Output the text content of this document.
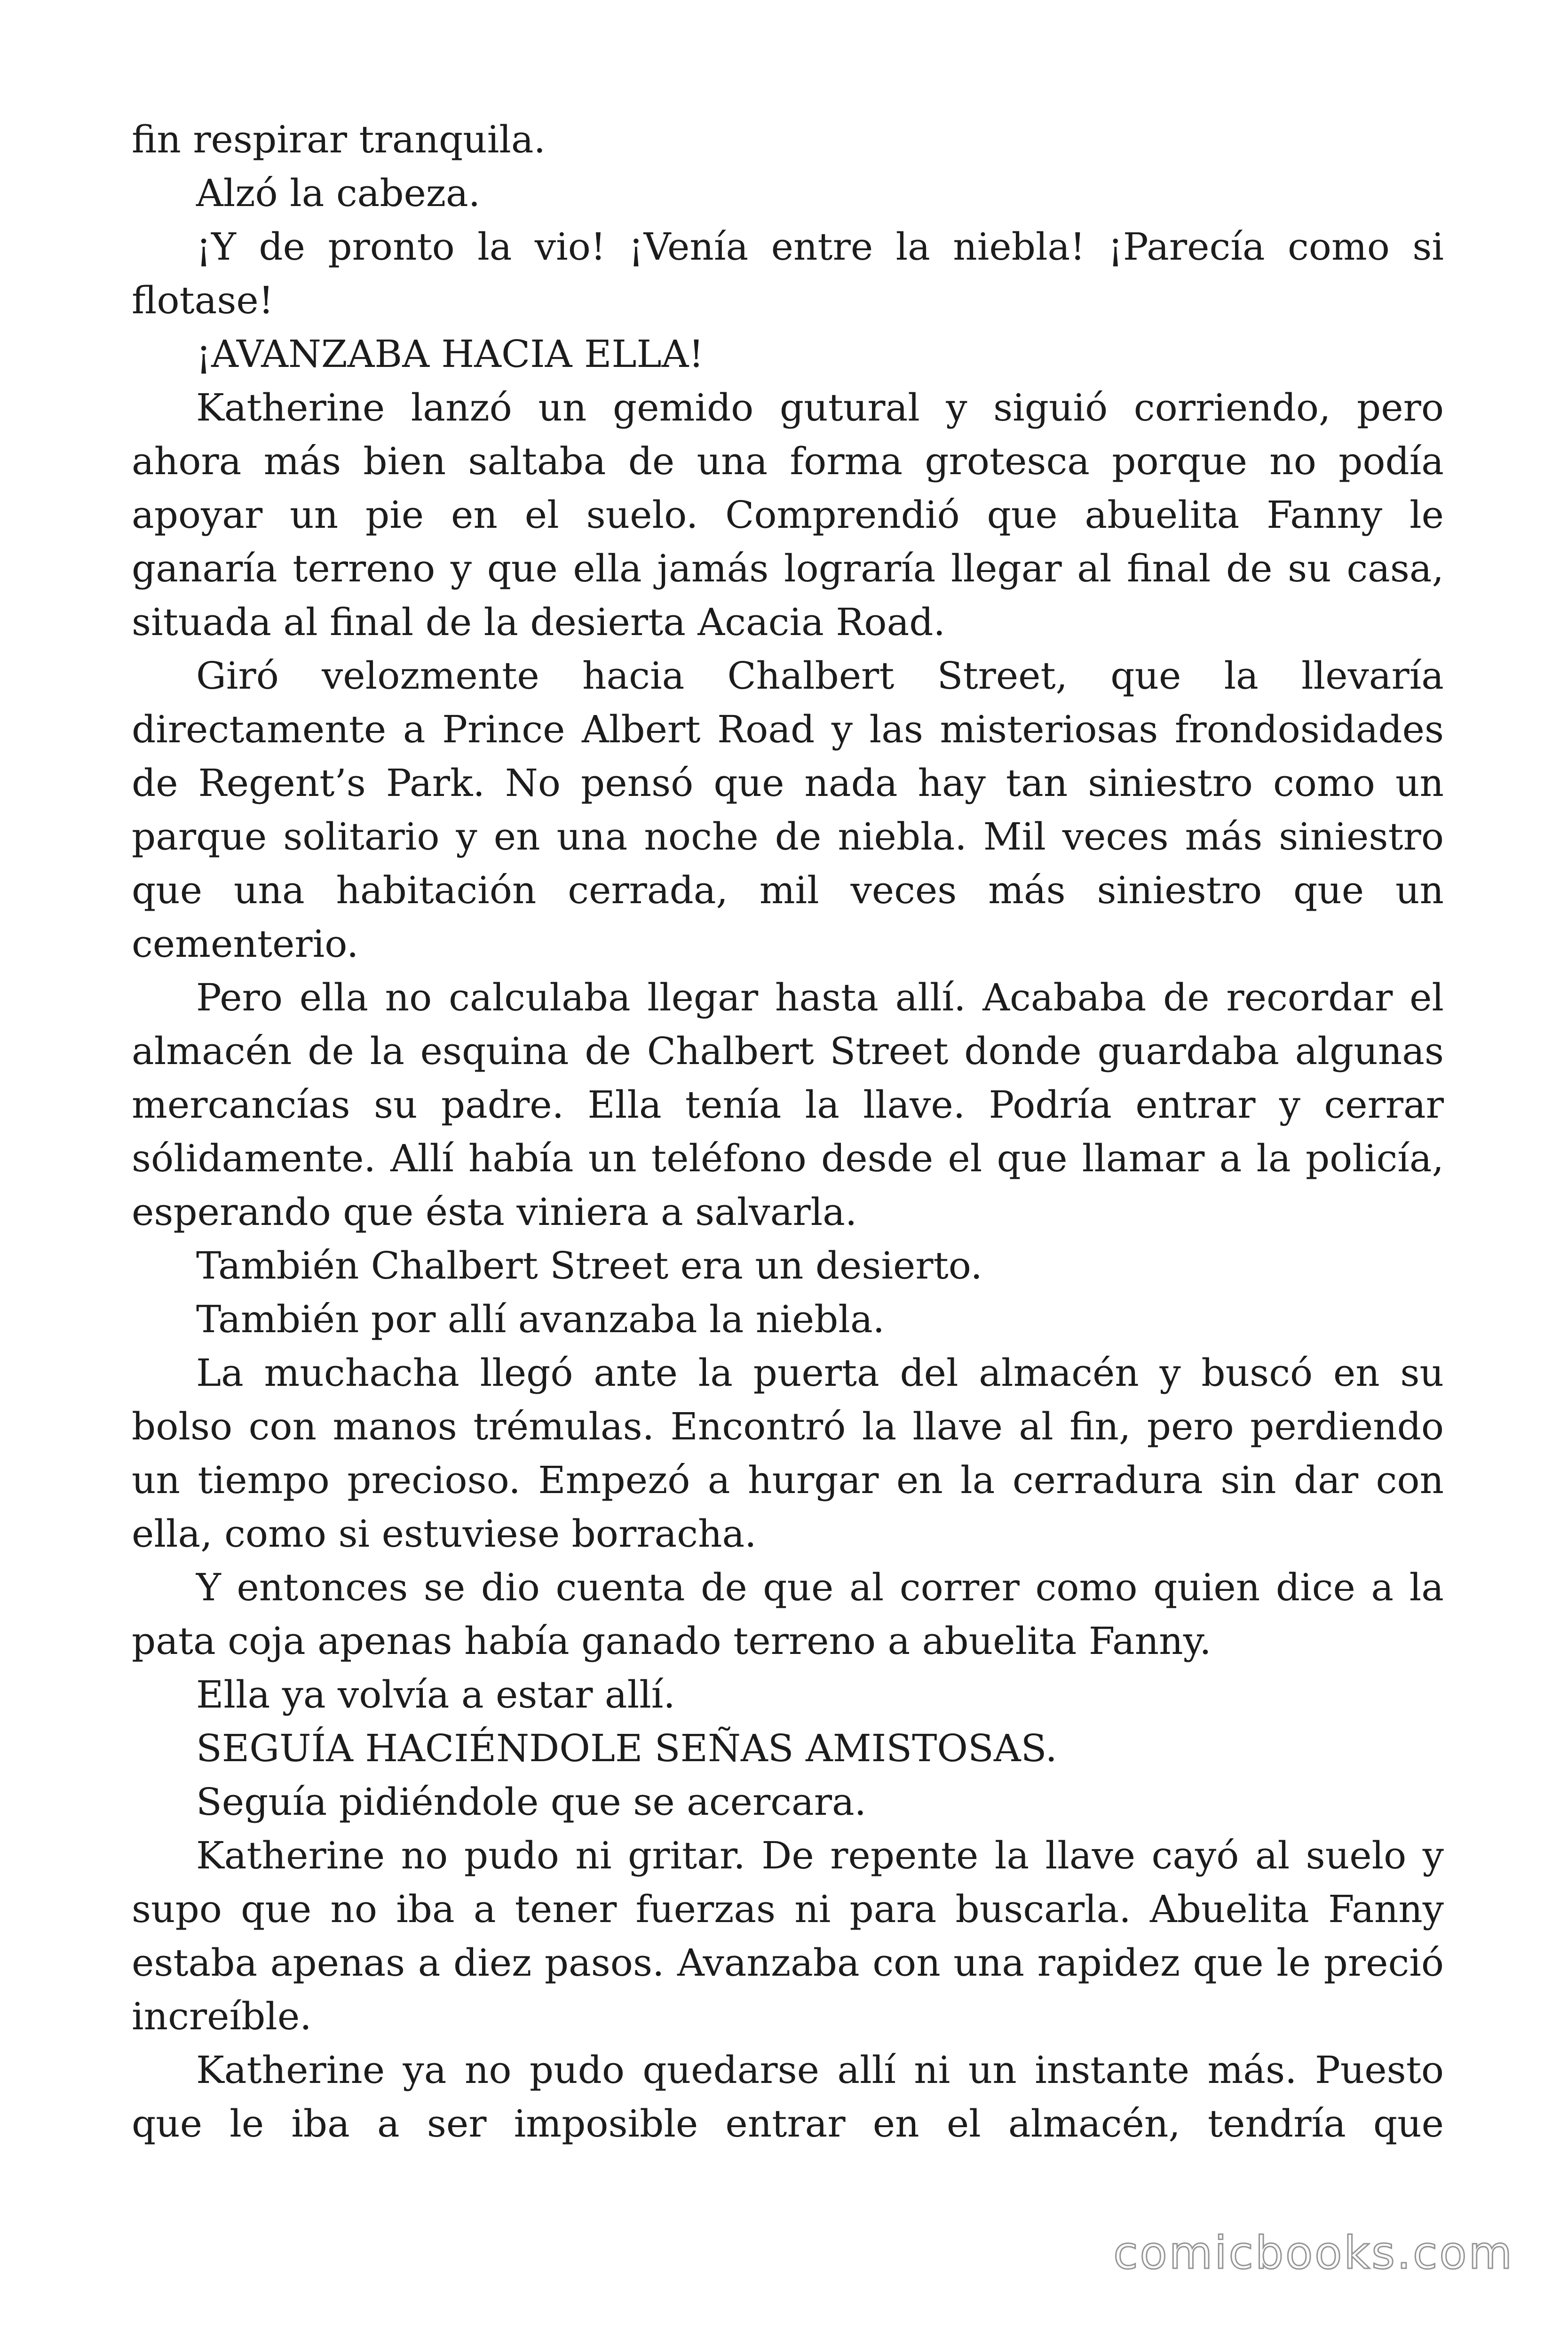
fin respirar tranquila.

Alzó la cabeza.

¡Y de pronto la vio! ¡Venía entre la niebla! ¡Parecía como si flotase!

¡AVANZABA HACIA ELLA!

Katherine lanzó un gemido gutural y siguió corriendo, pero ahora más bien saltaba de una forma grotesca porque no podía apoyar un pie en el suelo. Comprendió que abuelita Fanny le ganaría terreno y que ella jamás lograría llegar al final de su casa, situada al final de la desierta Acacia Road.

Giró velozmente hacia Chalbert Street, que la llevaría directamente a Prince Albert Road y las misteriosas frondosidades de Regent’s Park. No pensó que nada hay tan siniestro como un parque solitario y en una noche de niebla. Mil veces más siniestro que una habitación cerrada, mil veces más siniestro que un cementerio.

Pero ella no calculaba llegar hasta allí. Acababa de recordar el almacén de la esquina de Chalbert Street donde guardaba algunas mercancías su padre. Ella tenía la llave. Podría entrar y cerrar sólidamente. Allí había un teléfono desde el que llamar a la policía, esperando que ésta viniera a salvarla.

También Chalbert Street era un desierto.

También por allí avanzaba la niebla.

La muchacha llegó ante la puerta del almacén y buscó en su bolso con manos trémulas. Encontró la llave al fin, pero perdiendo un tiempo precioso. Empezó a hurgar en la cerradura sin dar con ella, como si estuviese borracha.

Y entonces se dio cuenta de que al correr como quien dice a la pata coja apenas había ganado terreno a abuelita Fanny.

Ella ya volvía a estar allí.

SEGUÍA HACIÉNDOLE SEÑAS AMISTOSAS.

Seguía pidiéndole que se acercara.

Katherine no pudo ni gritar. De repente la llave cayó al suelo y supo que no iba a tener fuerzas ni para buscarla. Abuelita Fanny estaba apenas a diez pasos. Avanzaba con una rapidez que le preció increíble.

Katherine ya no pudo quedarse allí ni un instante más. Puesto que le iba a ser imposible entrar en el almacén, tendría que

comicbooks.com
